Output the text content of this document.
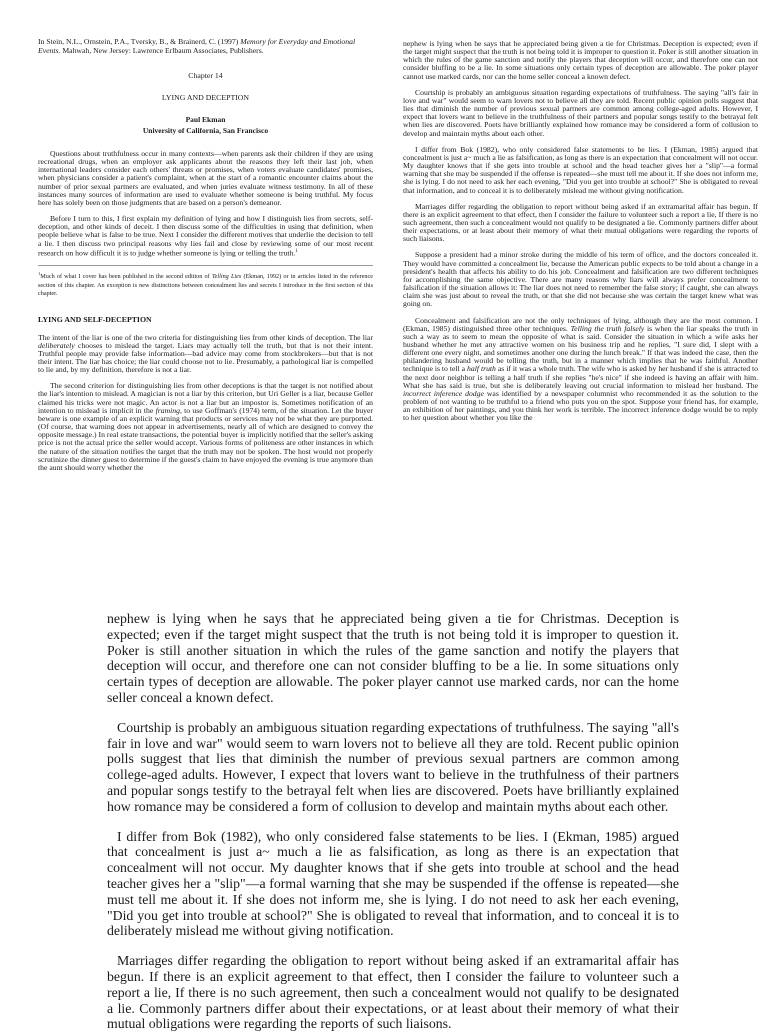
In Stein, N.L., Ornstein, P.A., Tversky, B., & Brainerd, C. (1997) Memory for Everyday and Emotional Events. Mahwah, New Jersey: Lawrence Erlbaum Associates, Publishers.

Chapter 14

LYING AND DECEPTION

Paul Ekman

University of California, San Francisco

Questions about truthfulness occur in many contexts—when parents ask their children if they are using recreational drugs, when an employer ask applicants about the reasons they left their last job, when international leaders consider each others' threats or promises, when voters evaluate candidates' promises, when physicians consider a patient's complaint, when at the start of a romantic encounter claims about the number of prior sexual partners are evaluated, and when juries evaluate witness testimony. In all of these instances many sources of information are used to evaluate whether someone is being truthful. My focus here has solely been on those judgments that are based on a person's demeanor.

Before I turn to this, I first explain my definition of lying and how I distinguish lies from secrets, self-deception, and other kinds of deceit. I then discuss some of the difficulties in using that definition, when people believe what is false to be true. Next I consider the different motives that underlie the decision to tell a lie. I then discuss two principal reasons why lies fail and close by reviewing some of our most recent research on how difficult it is to judge whether someone is lying or telling the truth.$^1$

$^1$Much of what I cover has been published in the second edition of Telling Lies (Ekman, 1992) or in articles listed in the reference section of this chapter. An exception is new distinctions between concealment lies and secrets I introduce in the first section of this chapter.

LYING AND SELF-DECEPTION

The intent of the liar is one of the two criteria for distinguishing lies from other kinds of deception. The liar deliberately chooses to mislead the target. Liars may actually tell the truth, but that is not their intent. Truthful people may provide false information—bad advice may come from stockbrokers—but that is not their intent. The liar has choice; the liar could choose not to lie. Presumably, a pathological liar is compelled to lie and, by my definition, therefore is not a liar.

The second criterion for distinguishing lies from other deceptions is that the target is not notified about the liar's intention to mislead. A magician is not a liar by this criterion, but Uri Geller is a liar, because Geller claimed his tricks were not magic. An actor is not a liar but an impostor is. Sometimes notification of an intention to mislead is implicit in the framing, to use Goffman's (1974) term, of the situation. Let the buyer beware is one example of an explicit warning that products or services may not be what they are purported. (Of course, that warning does not appear in advertisements, nearly all of which are designed to convey the opposite message.) In real estate transactions, the potential buyer is implicitly notified that the seller's asking price is not the actual price the seller would accept. Various forms of politeness are other instances in which the nature of the situation notifies the target that the truth may not be spoken. The host would not properly scrutinize the dinner guest to determine if the guest's claim to have enjoyed the evening is true anymore than the aunt should worry whether the

nephew is lying when he says that he appreciated being given a tie for Christmas. Deception is expected; even if the target might suspect that the truth is not being told it is improper to question it. Poker is still another situation in which the rules of the game sanction and notify the players that deception will occur, and therefore one can not consider bluffing to be a lie. In some situations only certain types of deception are allowable. The poker player cannot use marked cards, nor can the home seller conceal a known defect.

Courtship is probably an ambiguous situation regarding expectations of truthfulness. The saying "all's fair in love and war" would seem to warn lovers not to believe all they are told. Recent public opinion polls suggest that lies that diminish the number of previous sexual partners are common among college-aged adults. However, I expect that lovers want to believe in the truthfulness of their partners and popular songs testify to the betrayal felt when lies are discovered. Poets have brilliantly explained how romance may be considered a form of collusion to develop and maintain myths about each other.

I differ from Bok (1982), who only considered false statements to be lies. I (Ekman, 1985) argued that concealment is just a~ much a lie as falsification, as long as there is an expectation that concealment will not occur. My daughter knows that if she gets into trouble at school and the head teacher gives her a "slip"—a formal warning that she may be suspended if the offense is repeated—she must tell me about it. If she does not inform me, she is lying. I do not need to ask her each evening, "Did you get into trouble at school?" She is obligated to reveal that information, and to conceal it is to deliberately mislead me without giving notification.

Marriages differ regarding the obligation to report without being asked if an extramarital affair has begun. If there is an explicit agreement to that effect, then I consider the failure to volunteer such a report a lie, If there is no such agreement, then such a concealment would not qualify to be designated a lie. Commonly partners differ about their expectations, or at least about their memory of what their mutual obligations were regarding the reports of such liaisons.

Suppose a president had a minor stroke during the middle of his term of office, and the doctors concealed it. They would have committed a concealment lie, because the American public expects to be told about a change in a president's health that affects his ability to do his job. Concealment and falsification are two different techniques for accomplishing the same objective. There are many reasons why liars will always prefer concealment to falsification if the situation allows it: The liar does not need to remember the false story; if caught, she can always claim she was just about to reveal the truth, or that she did not because she was certain the target knew what was going on.

Concealment and falsification are not the only techniques of lying, although they are the most common. I (Ekman, 1985) distinguished three other techniques. Telling the truth falsely is when the liar speaks the truth in such a way as to seem to mean the opposite of what is said. Consider the situation in which a wife asks her husband whether he met any attractive women on his business trip and he replies, "I sure did, I slept with a different one every night, and sometimes another one during the lunch break." If that was indeed the case, then the philandering husband would be telling the truth, but in a manner which implies that he was faithful. Another technique is to tell a half truth as if it was a whole truth. The wife who is asked by her husband if she is attracted to the next door neighbor is telling a half truth if she replies "he's nice" if she indeed is having an affair with him. What she has said is true, but she is deliberately leaving out crucial information to mislead her husband. The incorrect inference dodge was identified by a newspaper columnist who recommended it as the solution to the problem of not wanting to be truthful to a friend who puts you on the spot. Suppose your friend has, for example, an exhibition of her paintings, and you think her work is terrible. The incorrect inference dodge would be to reply to her question about whether you like the

nephew is lying when he says that he appreciated being given a tie for Christmas. Deception is expected; even if the target might suspect that the truth is not being told it is improper to question it. Poker is still another situation in which the rules of the game sanction and notify the players that deception will occur, and therefore one can not consider bluffing to be a lie. In some situations only certain types of deception are allowable. The poker player cannot use marked cards, nor can the home seller conceal a known defect.

Courtship is probably an ambiguous situation regarding expectations of truthfulness. The saying "all's fair in love and war" would seem to warn lovers not to believe all they are told. Recent public opinion polls suggest that lies that diminish the number of previous sexual partners are common among college-aged adults. However, I expect that lovers want to believe in the truthfulness of their partners and popular songs testify to the betrayal felt when lies are discovered. Poets have brilliantly explained how romance may be considered a form of collusion to develop and maintain myths about each other.

I differ from Bok (1982), who only considered false statements to be lies. I (Ekman, 1985) argued that concealment is just a~ much a lie as falsification, as long as there is an expectation that concealment will not occur. My daughter knows that if she gets into trouble at school and the head teacher gives her a "slip"—a formal warning that she may be suspended if the offense is repeated—she must tell me about it. If she does not inform me, she is lying. I do not need to ask her each evening, "Did you get into trouble at school?" She is obligated to reveal that information, and to conceal it is to deliberately mislead me without giving notification.

Marriages differ regarding the obligation to report without being asked if an extramarital affair has begun. If there is an explicit agreement to that effect, then I consider the failure to volunteer such a report a lie, If there is no such agreement, then such a concealment would not qualify to be designated a lie. Commonly partners differ about their expectations, or at least about their memory of what their mutual obligations were regarding the reports of such liaisons.
